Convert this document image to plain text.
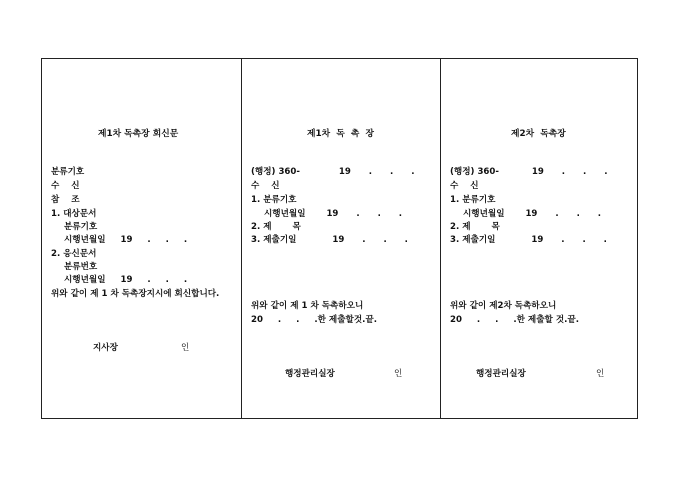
제1차 독촉장 회신문
분류기호
수    신
참    조
1. 대상문서
분류기호
시행년월일     19     .     .     .
2. 응신문서
분류번호
시행년월일     19     .     .     .
위와 같이 제 1 차 독촉장지시에 회신합니다.
지사장	인
제1차  독  촉  장
(행정) 360-             19      .      .      .
수    신
1. 분류기호
시행년월일       19      .      .      .
2. 제       목
3. 제출기일            19      .      .      .
위와 같이 제 1 차 독촉하오니
20     .     .     .한 제출할것.끝.
행정관리실장	인
제2차  독촉장
(행정) 360-           19      .      .      .
수    신
1. 분류기호
시행년월일       19      .      .      .
2. 제       목
3. 제출기일            19      .      .      .
위와 같이 제2차 독촉하오니
20     .     .     .한 제출할 것.끝.
행정관리실장	인
